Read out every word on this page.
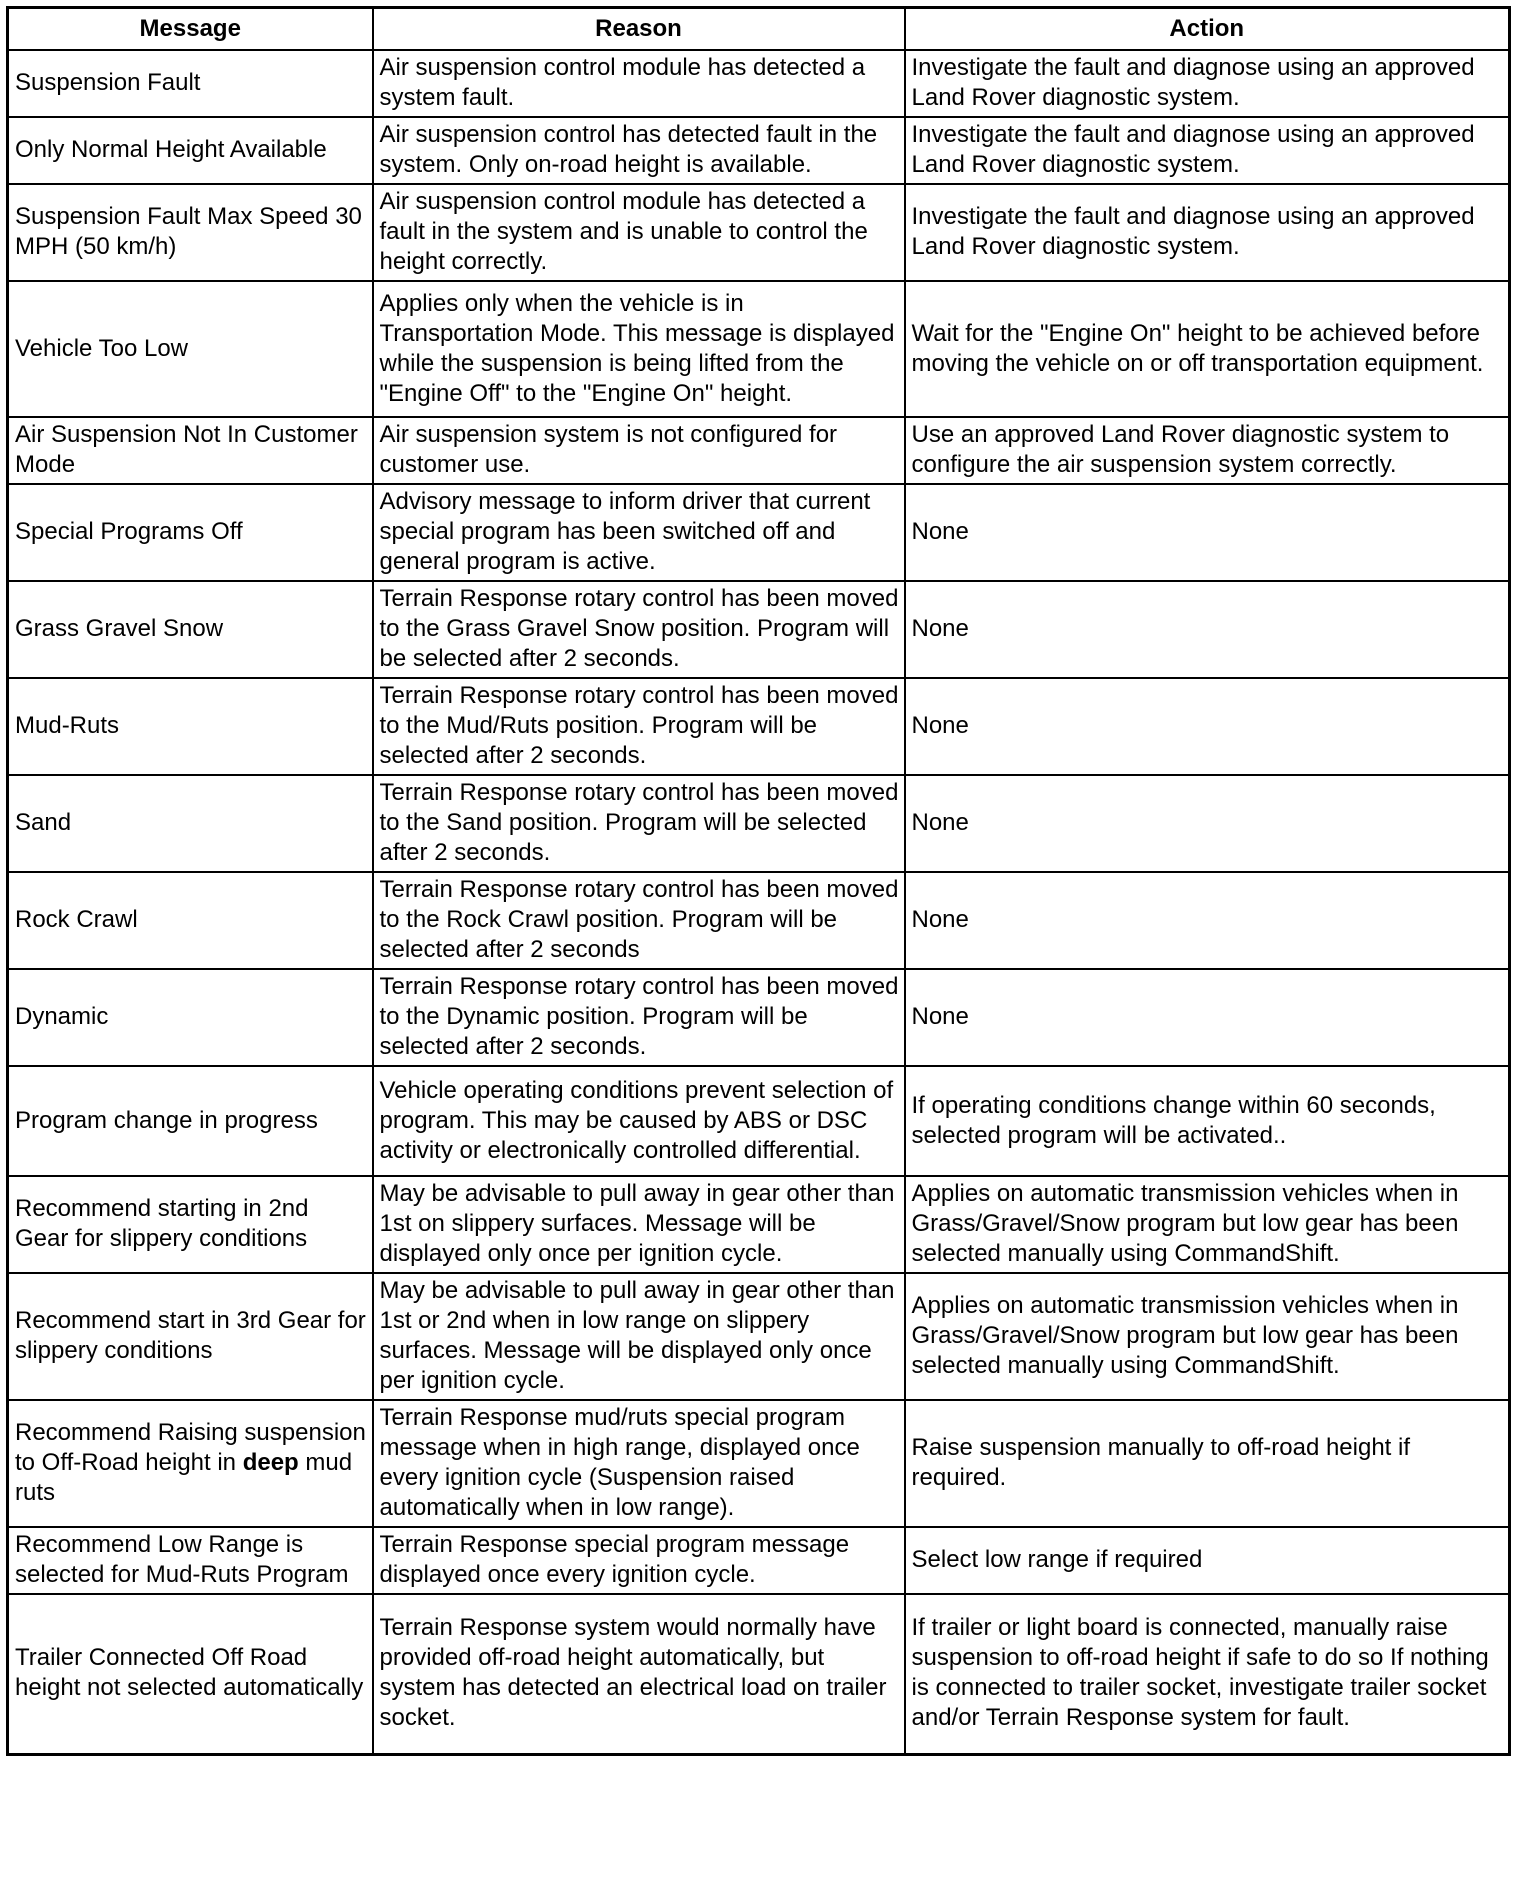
Message	Reason	Action
Suspension Fault	Air suspension control module has detected a system fault.	Investigate the fault and diagnose using an approved Land Rover diagnostic system.
Only Normal Height Available	Air suspension control has detected fault in the system. Only on-road height is available.	Investigate the fault and diagnose using an approved Land Rover diagnostic system.
Suspension Fault Max Speed 30 MPH (50 km/h)	Air suspension control module has detected a fault in the system and is unable to control the height correctly.	Investigate the fault and diagnose using an approved Land Rover diagnostic system.
Vehicle Too Low	Applies only when the vehicle is in Transportation Mode. This message is displayed while the suspension is being lifted from the "Engine Off" to the "Engine On" height.	Wait for the "Engine On" height to be achieved before moving the vehicle on or off transportation equipment.
Air Suspension Not In Customer Mode	Air suspension system is not configured for customer use.	Use an approved Land Rover diagnostic system to configure the air suspension system correctly.
Special Programs Off	Advisory message to inform driver that current special program has been switched off and general program is active.	None
Grass Gravel Snow	Terrain Response rotary control has been moved to the Grass Gravel Snow position. Program will be selected after 2 seconds.	None
Mud-Ruts	Terrain Response rotary control has been moved to the Mud/Ruts position. Program will be selected after 2 seconds.	None
Sand	Terrain Response rotary control has been moved to the Sand position. Program will be selected after 2 seconds.	None
Rock Crawl	Terrain Response rotary control has been moved to the Rock Crawl position. Program will be selected after 2 seconds	None
Dynamic	Terrain Response rotary control has been moved to the Dynamic position. Program will be selected after 2 seconds.	None
Program change in progress	Vehicle operating conditions prevent selection of program. This may be caused by ABS or DSC activity or electronically controlled differential.	If operating conditions change within 60 seconds, selected program will be activated..
Recommend starting in 2nd Gear for slippery conditions	May be advisable to pull away in gear other than 1st on slippery surfaces. Message will be displayed only once per ignition cycle.	Applies on automatic transmission vehicles when in Grass/Gravel/Snow program but low gear has been selected manually using CommandShift.
Recommend start in 3rd Gear for slippery conditions	May be advisable to pull away in gear other than 1st or 2nd when in low range on slippery surfaces. Message will be displayed only once per ignition cycle.	Applies on automatic transmission vehicles when in Grass/Gravel/Snow program but low gear has been selected manually using CommandShift.
Recommend Raising suspension to Off-Road height in deep mud ruts	Terrain Response mud/ruts special program message when in high range, displayed once every ignition cycle (Suspension raised automatically when in low range).	Raise suspension manually to off-road height if required.
Recommend Low Range is selected for Mud-Ruts Program	Terrain Response special program message displayed once every ignition cycle.	Select low range if required
Trailer Connected Off Road height not selected automatically	Terrain Response system would normally have provided off-road height automatically, but system has detected an electrical load on trailer socket.	If trailer or light board is connected, manually raise suspension to off-road height if safe to do so If nothing is connected to trailer socket, investigate trailer socket and/or Terrain Response system for fault.
